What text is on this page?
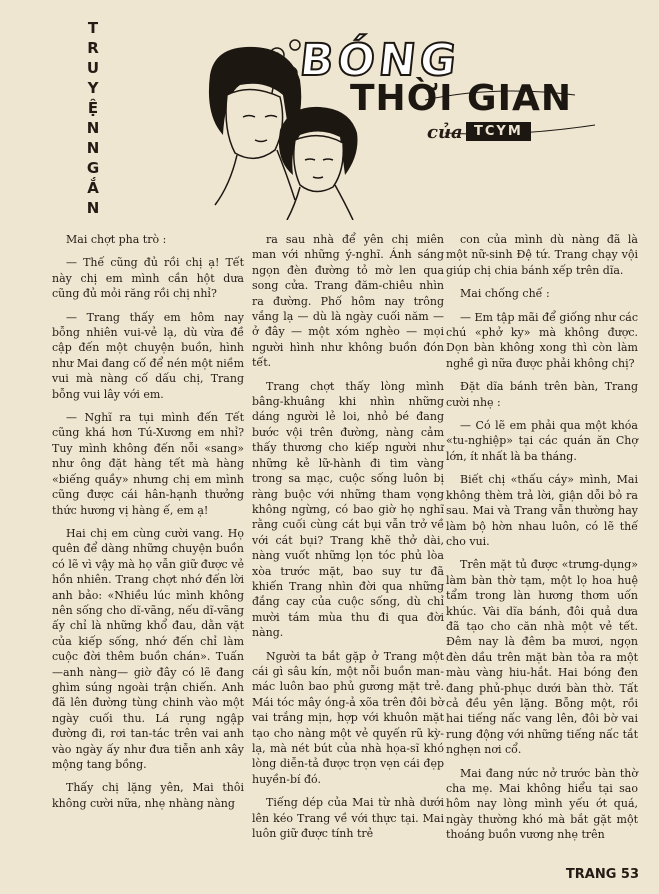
T
R
U
Y
Ệ
N
N
G
Ắ
N
BÓNG
THỜI GIAN
của TCYM

Mai chợt pha trò :

— Thế cũng đủ rồi chị ạ! Tết này chị em mình cần hột dưa cũng đủ mỏi răng rồi chị nhỉ?

— Trang thấy em hôm nay bỗng nhiên vui-vẻ lạ, dù vừa đề cập đến một chuyện buồn, hình như Mai đang cố để nén một niềm vui mà nàng cố dấu chị, Trang bỗng vui lây với em.

— Nghĩ ra tụi mình đến Tết cũng khá hơn Tú-Xương em nhỉ? Tuy mình không đến nỗi «sang» như ông đặt hàng tết mà hàng «biếng quầy» nhưng chị em mình cũng được cái hân-hạnh thưởng thức hương vị hàng ế, em ạ!

Hai chị em cùng cười vang. Họ quên để dàng những chuyện buồn có lẽ vì vậy mà họ vẫn giữ được vẻ hồn nhiên. Trang chợt nhớ đến lời anh bảo: «Nhiều lúc mình không nên sống cho dĩ-vãng, nếu dĩ-vãng ấy chỉ là những khổ đau, dằn vặt của kiếp sống, nhớ đến chỉ làm cuộc đời thêm buồn chán». Tuấn—anh nàng— giờ đây có lẽ đang ghìm súng ngoài trận chiến. Anh đã lên đường tùng chinh vào một ngày cuối thu. Lá rụng ngập đường đi, rơi tan-tác trên vai anh vào ngày ấy như đưa tiễn anh xây mộng tang bồng.

Thấy chị lặng yên, Mai thôi không cười nữa, nhẹ nhàng nàng

ra sau nhà để yên chị miên man với những ý-nghĩ. Ánh sáng ngọn đèn đường tỏ mờ len qua song cửa. Trang đăm-chiêu nhìn ra đường. Phố hôm nay trông vắng lạ — dù là ngày cuối năm — ở đây — một xóm nghèo — mọi người hình như không buồn đón tết.

Trang chợt thấy lòng mình bâng-khuâng khi nhìn những dáng người lẻ loi, nhỏ bé đang bước vội trên đường, nàng cảm thấy thương cho kiếp người như những kẻ lữ-hành đi tìm vàng trong sa mạc, cuộc sống luôn bị ràng buộc với những tham vọng không ngừng, có bao giờ họ nghĩ rằng cuối cùng cát bụi vẫn trở về với cát bụi? Trang khẽ thở dài, nàng vuốt những lọn tóc phủ lòa xòa trước mặt, bao suy tư đã khiến Trang nhìn đời qua những đắng cay của cuộc sống, dù chỉ mười tám mùa thu đi qua đời nàng.

Người ta bắt gặp ở Trang một cái gì sâu kín, một nỗi buồn man-mác luôn bao phủ gương mặt trẻ. Mái tóc mây óng-ả xõa trên đôi bờ vai trắng mịn, hợp với khuôn mặt tạo cho nàng một vẻ quyến rũ kỳ-lạ, mà nét bút của nhà họa-sĩ khó lòng diễn-tả được trọn vẹn cái đẹp huyền-bí đó.

Tiếng dép của Mai từ nhà dưới lên kéo Trang về với thực tại. Mai luôn giữ được tính trẻ

con của mình dù nàng đã là một nữ-sinh Đệ tứ. Trang chạy vội giúp chị chia bánh xếp trên dĩa.

Mai chống chế :

— Em tập mãi để giống như các chú «phở ky» mà không được. Dọn bàn không xong thì còn làm nghề gì nữa được phải không chị?

Đặt dĩa bánh trên bàn, Trang cười nhẹ :

— Có lẽ em phải qua một khóa «tu-nghiệp» tại các quán ăn Chợ lớn, ít nhất là ba tháng.

Biết chị «thấu cáy» mình, Mai không thèm trả lời, giận dỗi bỏ ra sau. Mai và Trang vẫn thường hay làm bộ hờn nhau luôn, có lẽ thế cho vui.

Trên mặt tủ được «trưng-dụng» làm bàn thờ tạm, một lọ hoa huệ tẩm trong làn hương thơm uốn khúc. Vài dĩa bánh, đôi quả dưa đã tạo cho căn nhà một vẻ tết. Đêm nay là đêm ba mươi, ngọn đèn dầu trên mặt bàn tỏa ra một màu vàng hiu-hắt. Hai bóng đen đang phủ-phục dưới bàn thờ. Tất cả đều yên lặng. Bỗng một, rồi hai tiếng nấc vang lên, đôi bờ vai rung động với những tiếng nấc tắt nghẹn nơi cổ.

Mai đang nức nở trước bàn thờ cha mẹ. Mai không hiểu tại sao hôm nay lòng mình yếu ớt quá, ngày thường khó mà bắt gặt một thoáng buồn vương nhẹ trên

TRANG 53
